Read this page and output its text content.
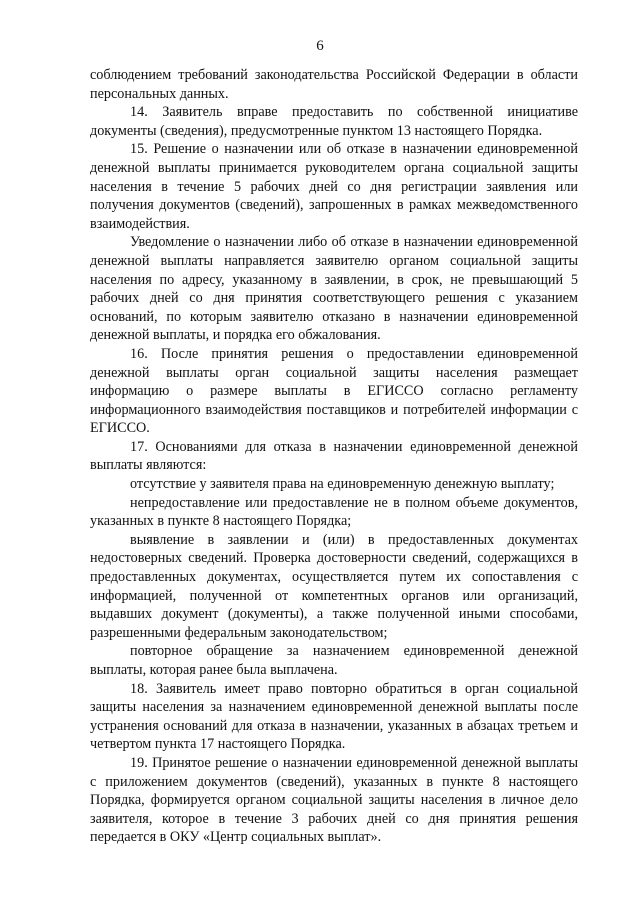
6

соблюдением требований законодательства Российской Федерации в области персональных данных.

14. Заявитель вправе предоставить по собственной инициативе документы (сведения), предусмотренные пунктом 13 настоящего Порядка.

15. Решение о назначении или об отказе в назначении единовременной денежной выплаты принимается руководителем органа социальной защиты населения в течение 5 рабочих дней со дня регистрации заявления или получения документов (сведений), запрошенных в рамках межведомственного взаимодействия.

Уведомление о назначении либо об отказе в назначении единовременной денежной выплаты направляется заявителю органом социальной защиты населения по адресу, указанному в заявлении, в срок, не превышающий 5 рабочих дней со дня принятия соответствующего решения с указанием оснований, по которым заявителю отказано в назначении единовременной денежной выплаты, и порядка его обжалования.

16. После принятия решения о предоставлении единовременной денежной выплаты орган социальной защиты населения размещает информацию о размере выплаты в ЕГИССО согласно регламенту информационного взаимодействия поставщиков и потребителей информации с ЕГИССО.

17. Основаниями для отказа в назначении единовременной денежной выплаты являются:

отсутствие у заявителя права на единовременную денежную выплату;

непредоставление или предоставление не в полном объеме документов, указанных в пункте 8 настоящего Порядка;

выявление в заявлении и (или) в предоставленных документах недостоверных сведений. Проверка достоверности сведений, содержащихся в предоставленных документах, осуществляется путем их сопоставления с информацией, полученной от компетентных органов или организаций, выдавших документ (документы), а также полученной иными способами, разрешенными федеральным законодательством;

повторное обращение за назначением единовременной денежной выплаты, которая ранее была выплачена.

18. Заявитель имеет право повторно обратиться в орган социальной защиты населения за назначением единовременной денежной выплаты после устранения оснований для отказа в назначении, указанных в абзацах третьем и четвертом пункта 17 настоящего Порядка.

19. Принятое решение о назначении единовременной денежной выплаты с приложением документов (сведений), указанных в пункте 8 настоящего Порядка, формируется органом социальной защиты населения в личное дело заявителя, которое в течение 3 рабочих дней со дня принятия решения передается в ОКУ «Центр социальных выплат».
